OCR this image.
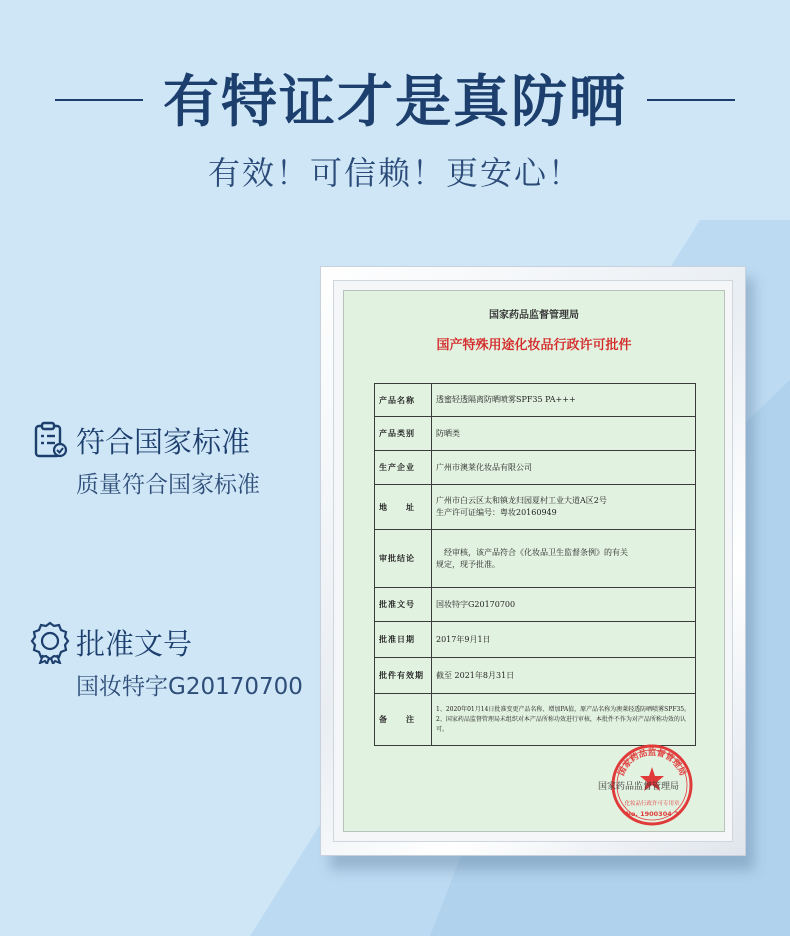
有特证才是真防晒
有效！可信赖！更安心！
符合国家标准
质量符合国家标准
批准文号
国妆特字G20170700
国家药品监督管理局
国产特殊用途化妆品行政许可批件
产品名称	透蜜轻透隔离防晒喷雾SPF35 PA+++
产品类别	防晒类
生产企业	广州市澳莱化妆品有限公司
地　　址	广州市白云区太和镇龙归园夏村工业大道A区2号
生产许可证编号：粤妆20160949

审批结论	　经审核，该产品符合《化妆品卫生监督条例》的有关
规定，现予批准。

批准文号	国妆特字G20170700
批准日期	2017年9月1日
批件有效期	截至 2021年8月31日
备　　注	1、2020年01月14日批准变更产品名称、增加PA值，原产品名称为澳莱轻透防晒喷雾SPF35。
2、国家药品监督管理局未组织对本产品所称功效进行审核，本批件不作为对产品所称功效的认可。
国家药品监督管理局
化妆品行政许可专用章
No. 1900304 2
国家药品监督管理局
